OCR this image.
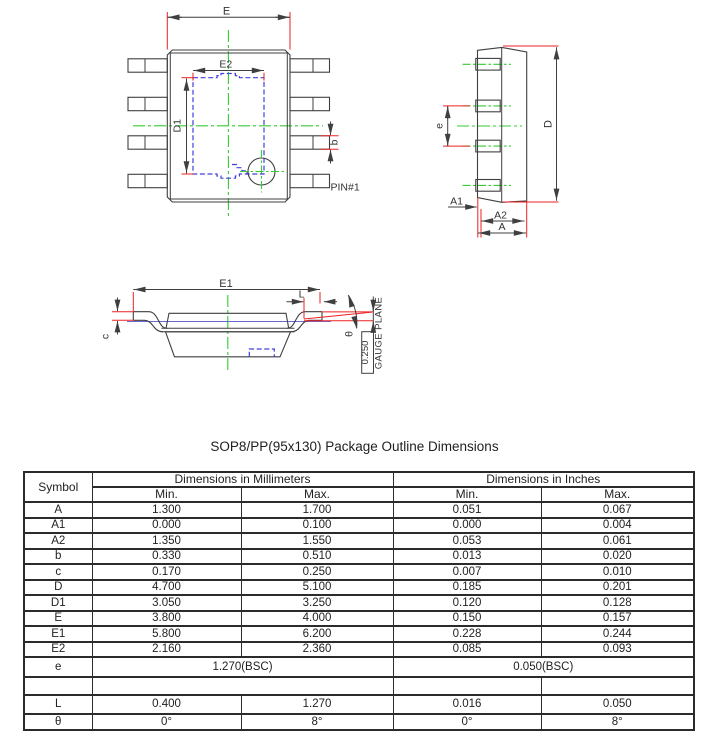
E
E2
D1
b
PIN#1
e	D
A1
A2
A
E1
L
c	θ
0.250 GAUGE PLANE
SOP8/PP(95x130) Package Outline Dimensions
Symbol	Dimensions in Millimeters		Dimensions in Inches	
	Min.	Max.	Min.	Max.
A	1.300	1.700	0.051	0.067
A1	0.000	0.100	0.000	0.004
A2	1.350	1.550	0.053	0.061
b	0.330	0.510	0.013	0.020
c	0.170	0.250	0.007	0.010
D	4.700	5.100	0.185	0.201
D1	3.050	3.250	0.120	0.128
E	3.800	4.000	0.150	0.157
E1	5.800	6.200	0.228	0.244
E2	2.160	2.360	0.085	0.093
e	1.270(BSC)		0.050(BSC)	

L	0.400	1.270	0.016	0.050
θ	0°	8°	0°	8°
